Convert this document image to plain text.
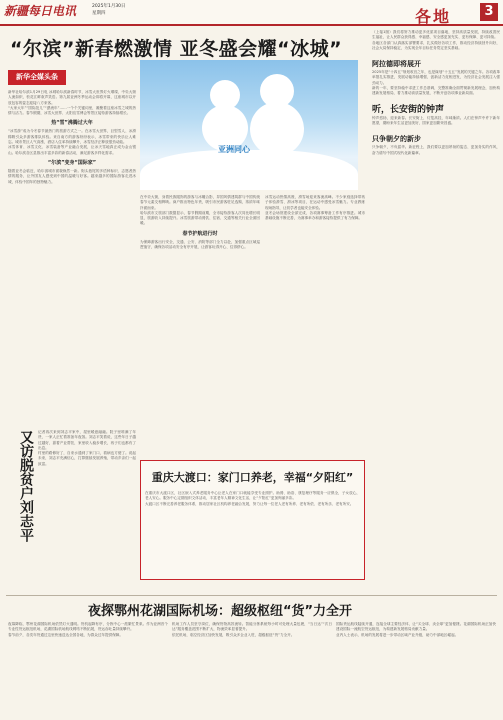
新疆每日电讯	2025年1月30日
星期四	各地	3
“尔滨”新春燃激情 亚冬盛会耀“冰城”
新华全媒头条
新华社哈尔滨1月29日电 冰城哈尔滨新春时节，冰雪大世界灯火璀璨，中央大街人流如织，松花江畔欢声笑语。第九届亚洲冬季运动会即将开幕，这座城市以开放包容的姿态迎接八方来客。
“大家大年”“国际范儿”“漂流年”……一个个关键词里，凝聚着这座冰雪之城的热情与活力。春节假期，冰雪大世界、太阳岛雪博会等景区接待游客持续增长。
热“雪”沸腾过大年
“冰雪游”成为今冬春节最热门的旅游方式之一。在冰雪大世界，巨型雪人、冰滑梯吸引众多游客排队体验。来自南方的游客纷纷表示，冰雪带来的快乐让人难忘。城市景区人气高涨，酒店入住率持续攀升，冰雪经济正释放强劲动能。
冰雪体育、冰雪文化、冰雪装备等产业融合发展，让冰天雪地真正成为金山银山。哈尔滨各区县推出丰富多彩的新春活动，满足游客多样化需求。
“尔滨”变身“国际家”
随着亚冬会临近，哈尔滨城市面貌焕然一新。街头巷尾的多语种标识、志愿者热情的服务，让外国友人感受到中国的温暖与好客。越来越多的国际游客走进冰城，体验中国年的独特魅力。
亚洲同心
在中央大街，身着民族服饰的游客与冰雕合影，异国风情建筑群与中国传统春节元素交相辉映。商户推出特色年货，吸引市民游客驻足选购，浓浓年味扑面而来。
哈尔滨市文旅部门数据显示，春节假期前期，全市接待游客人次同比增长明显，旅游收入持续提升。冰雪旅游带动餐饮、住宿、交通等相关行业全面回暖。
春节护航进行时
为保障游客出行安全，交通、公安、消防等部门全力以赴，加强重点区域巡逻值守，确保各项活动安全有序开展，让游客玩得开心、住得舒心。
冰雪运动热情高涨，滑雪场迎来客流高峰。不少家庭选择带孩子体验滑雪、滑冰等项目，在运动中感受冰雪魅力。专业教练现场指导，让初学者也能安全体验。
亚冬会场馆建设全部完成，各项赛事筹备工作有序推进。城市基础设施不断完善，为赛事举办和游客接待提供了有力保障。
（上接1版）我们将努力推动更多优质项目落地，坚持高质量发展，持续改善民生福祉，让人民群众获得感、幸福感、安全感更加充实、更有保障、更可持续。
各地区各部门认真落实部署要求，扎实做好各项工作，推动经济持续回升向好，社会大局保持稳定，为实现全年目标任务奠定坚实基础。
阿拉德即将展开
2025年是“十四五”规划收官之年，也是谋划“十五五”发展的关键之年。各项改革举措扎实推进，发展动能持续增强，创新活力竞相迸发，为经济社会发展注入强劲动力。
新的一年，要坚持稳中求进工作总基调，完整准确全面贯彻新发展理念，加快构建新发展格局，着力推动高质量发展，不断开创各项事业新局面。
听，长安街的钟声
钟声悠扬，迎来新春。长安街上，灯笼高挂，年味渐浓。人们在钟声中许下新年愿望，期盼来年生活更加美好，国家更加繁荣昌盛。
只争朝夕的新步
只争朝夕，不负韶华。新征程上，我们要以更加昂扬的姿态、更加务实的作风，奋力谱写中国式现代化新篇章。
又访脱贫户刘志平 记者再次来到刘志平家中，屋里暖意融融。院子里堆满了年货，一家人正忙着准备年夜饭。刘志平笑着说，这些年日子越过越好，靠着产业帮扶，家里收入稳步增长，孩子们也都有了出息。
村里的路修好了，自来水通到了家门口，看病也方便了。说起未来，刘志平充满信心，打算继续发展养殖，带动乡亲们一起致富。
重庆大渡口：家门口养老，幸福“夕阳红”
在重庆市大渡口区，社区嵌入式养老服务中心让老人在家门口就能享受专业照护。助餐、助浴、康复理疗等服务一应俱全，子女放心，老人安心。服务中心定期组织文体活动，丰富老年人精神文化生活，让“夕阳红”更加绚丽多彩。
大渡口区不断完善养老服务体系，推动居家社区机构养老融合发展，努力让每一位老人老有所养、老有所依、老有所乐、老有所安。
夜探鄂州花湖国际机场：超级枢纽“货”力全开
夜幕降临，鄂州花湖国际机场依然灯火通明。货机起降有序，分拣中心一派繁忙景象。作为亚洲首个专业性货运枢纽机场，花湖国际机场航线网络不断拓展，货运吞吐量持续攀升。
春节前夕，各类年货通过这里快速送达全国各地，为群众过年提供保障。
机场工作人员坚守岗位，确保货物高效流转。智能分拣系统每小时可处理大量包裹，“当日达”“次日达”服务覆盖范围不断扩大，物流效率显著提升。
依托机场，临空经济区加快发展，吸引众多企业入驻，超级枢纽“货”力全开。
国际货运航线陆续开通，连接全球主要经济体，让“买全球、卖全球”更加便捷。花湖国际机场正加快建设国际一流航空货运枢纽，为构建新发展格局贡献力量。
业内人士表示，机场的发展将进一步带动区域产业升级，助力中部地区崛起。
